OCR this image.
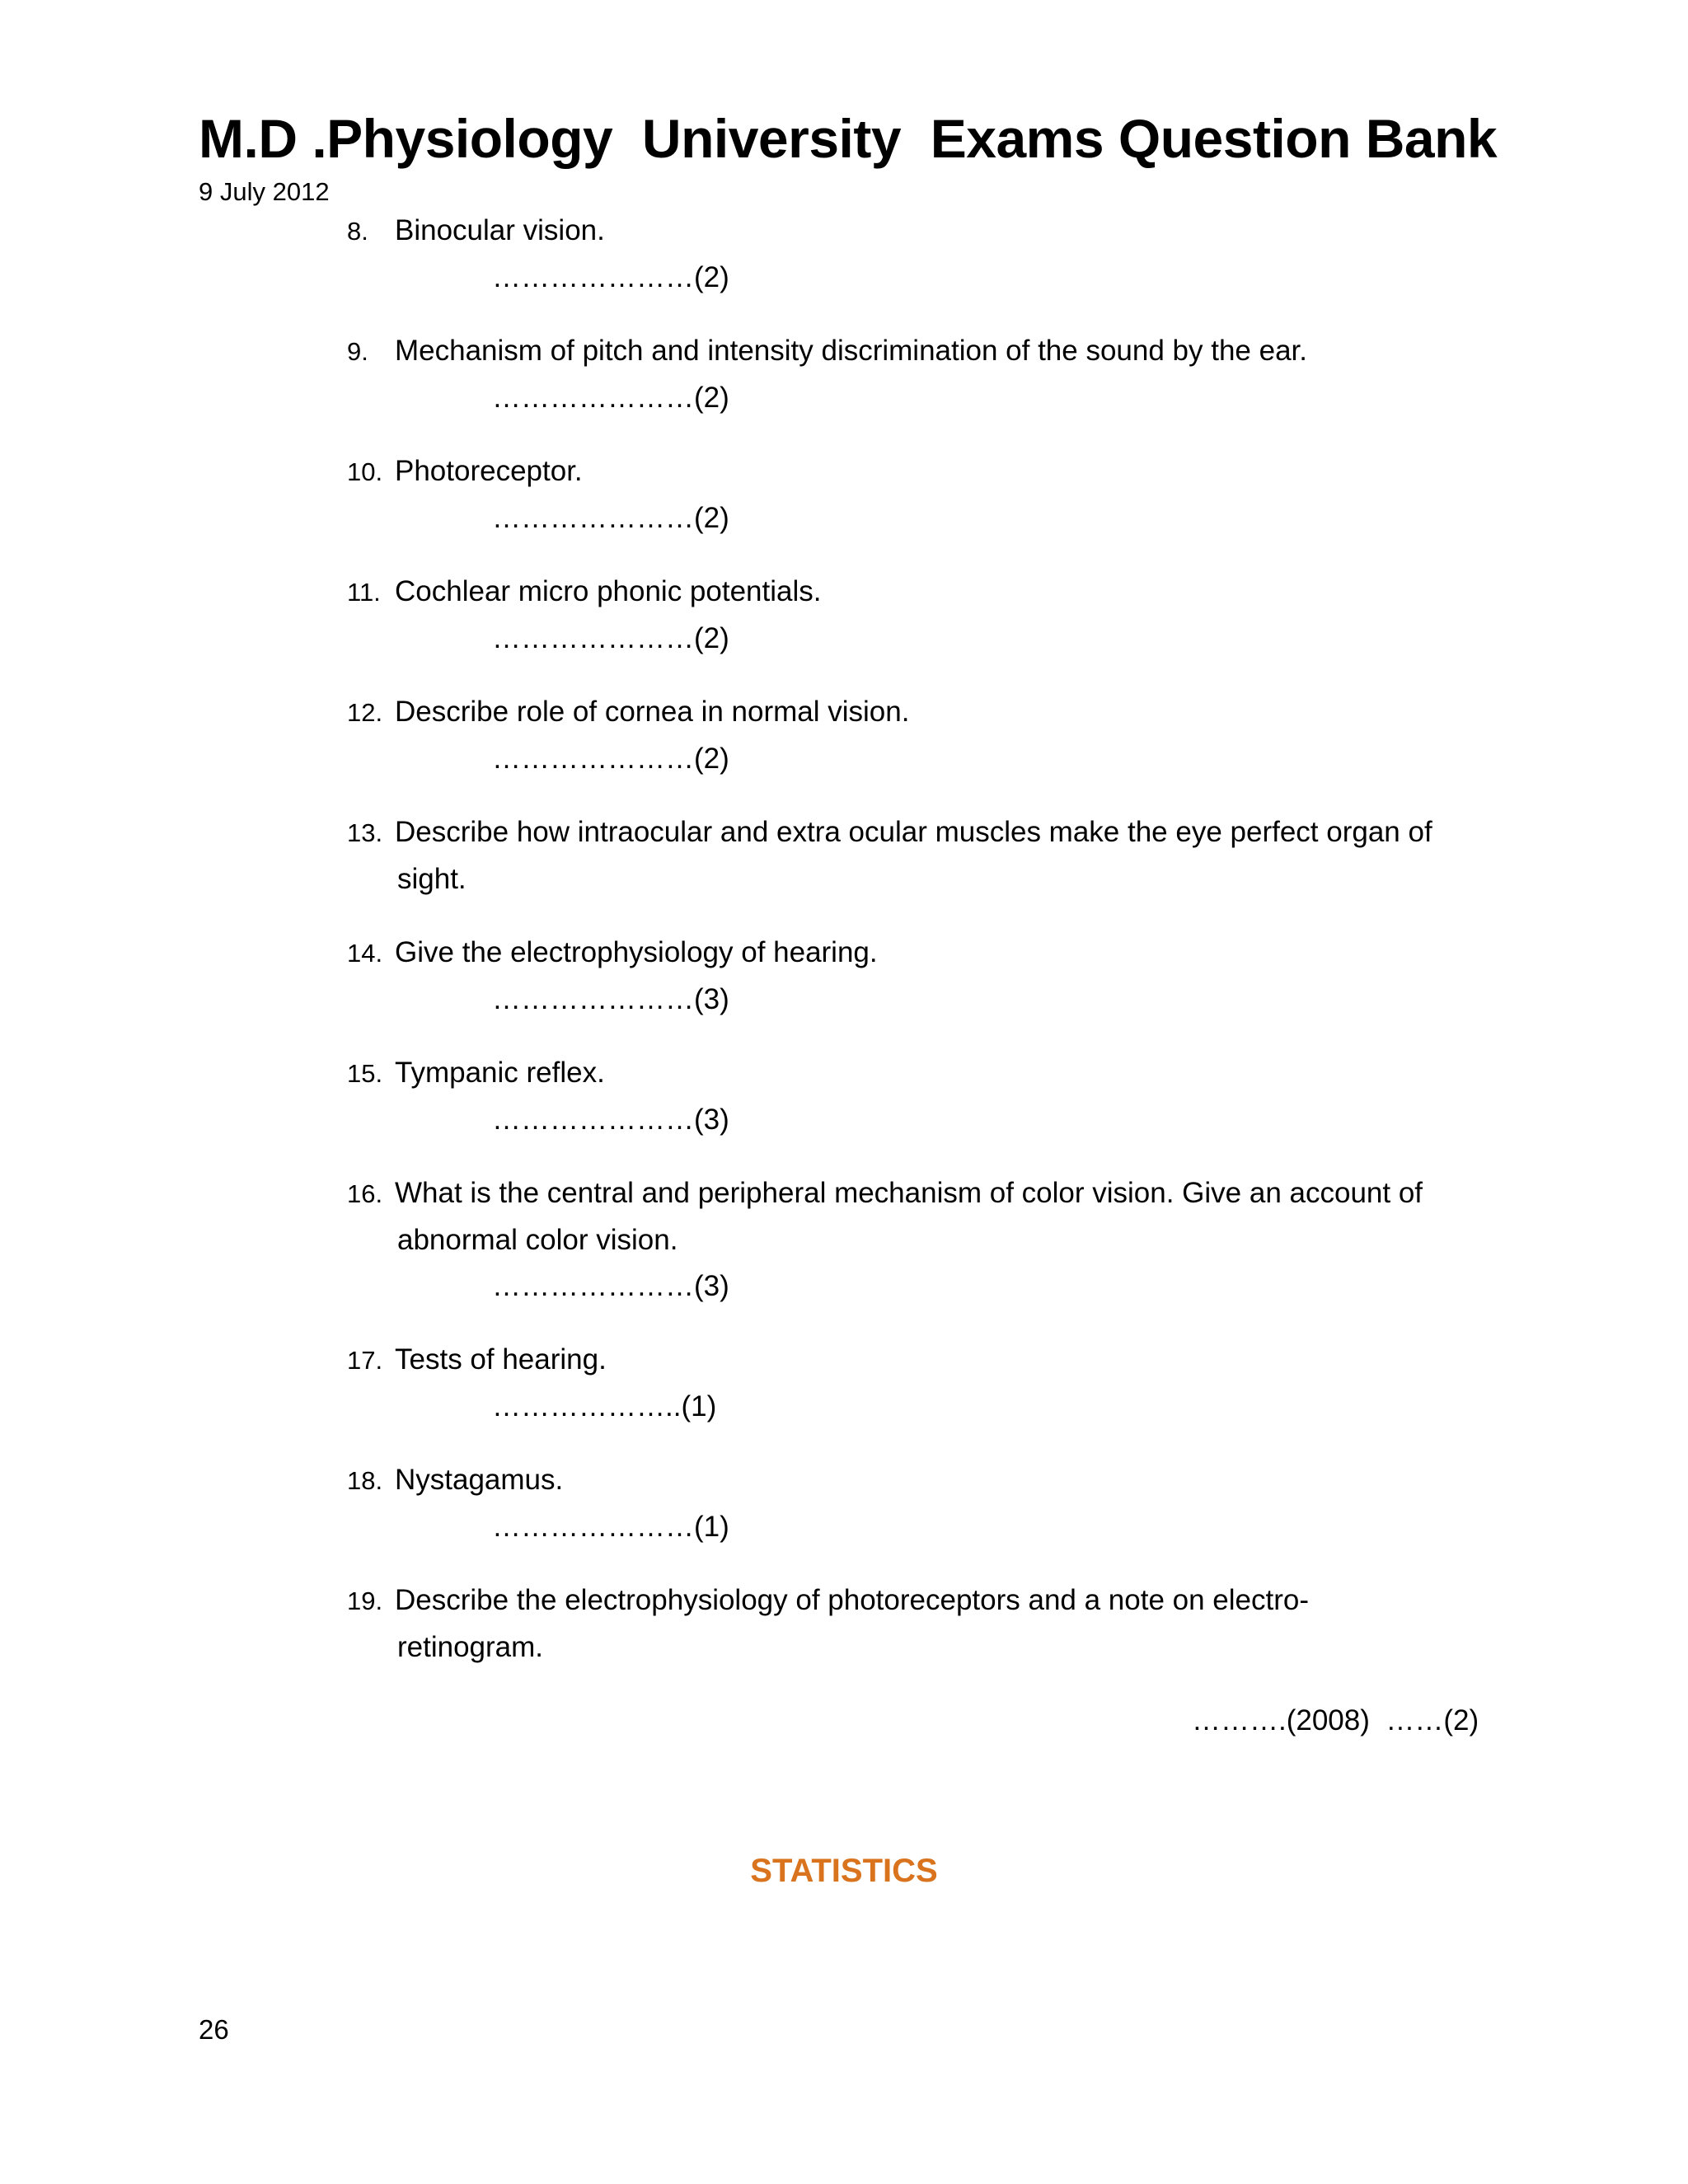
M.D .Physiology  University  Exams Question Bank
9 July 2012
8. Binocular vision.
…………………(2)
9. Mechanism of pitch and intensity discrimination of the sound by the ear.
…………………(2)
10. Photoreceptor.
…………………(2)
11. Cochlear micro phonic potentials.
…………………(2)
12. Describe role of cornea in normal vision.
…………………(2)
13. Describe how intraocular and extra ocular muscles make the eye perfect organ of
sight.
14. Give the electrophysiology of hearing.
…………………(3)
15. Tympanic reflex.
…………………(3)
16. What is the central and peripheral mechanism of color vision. Give an account of
abnormal color vision.
…………………(3)
17. Tests of hearing.
………………..(1)
18. Nystagamus.
…………………(1)
19. Describe the electrophysiology of photoreceptors and a note on electro-
retinogram.
……….(2008)  ……(2)
STATISTICS
26
